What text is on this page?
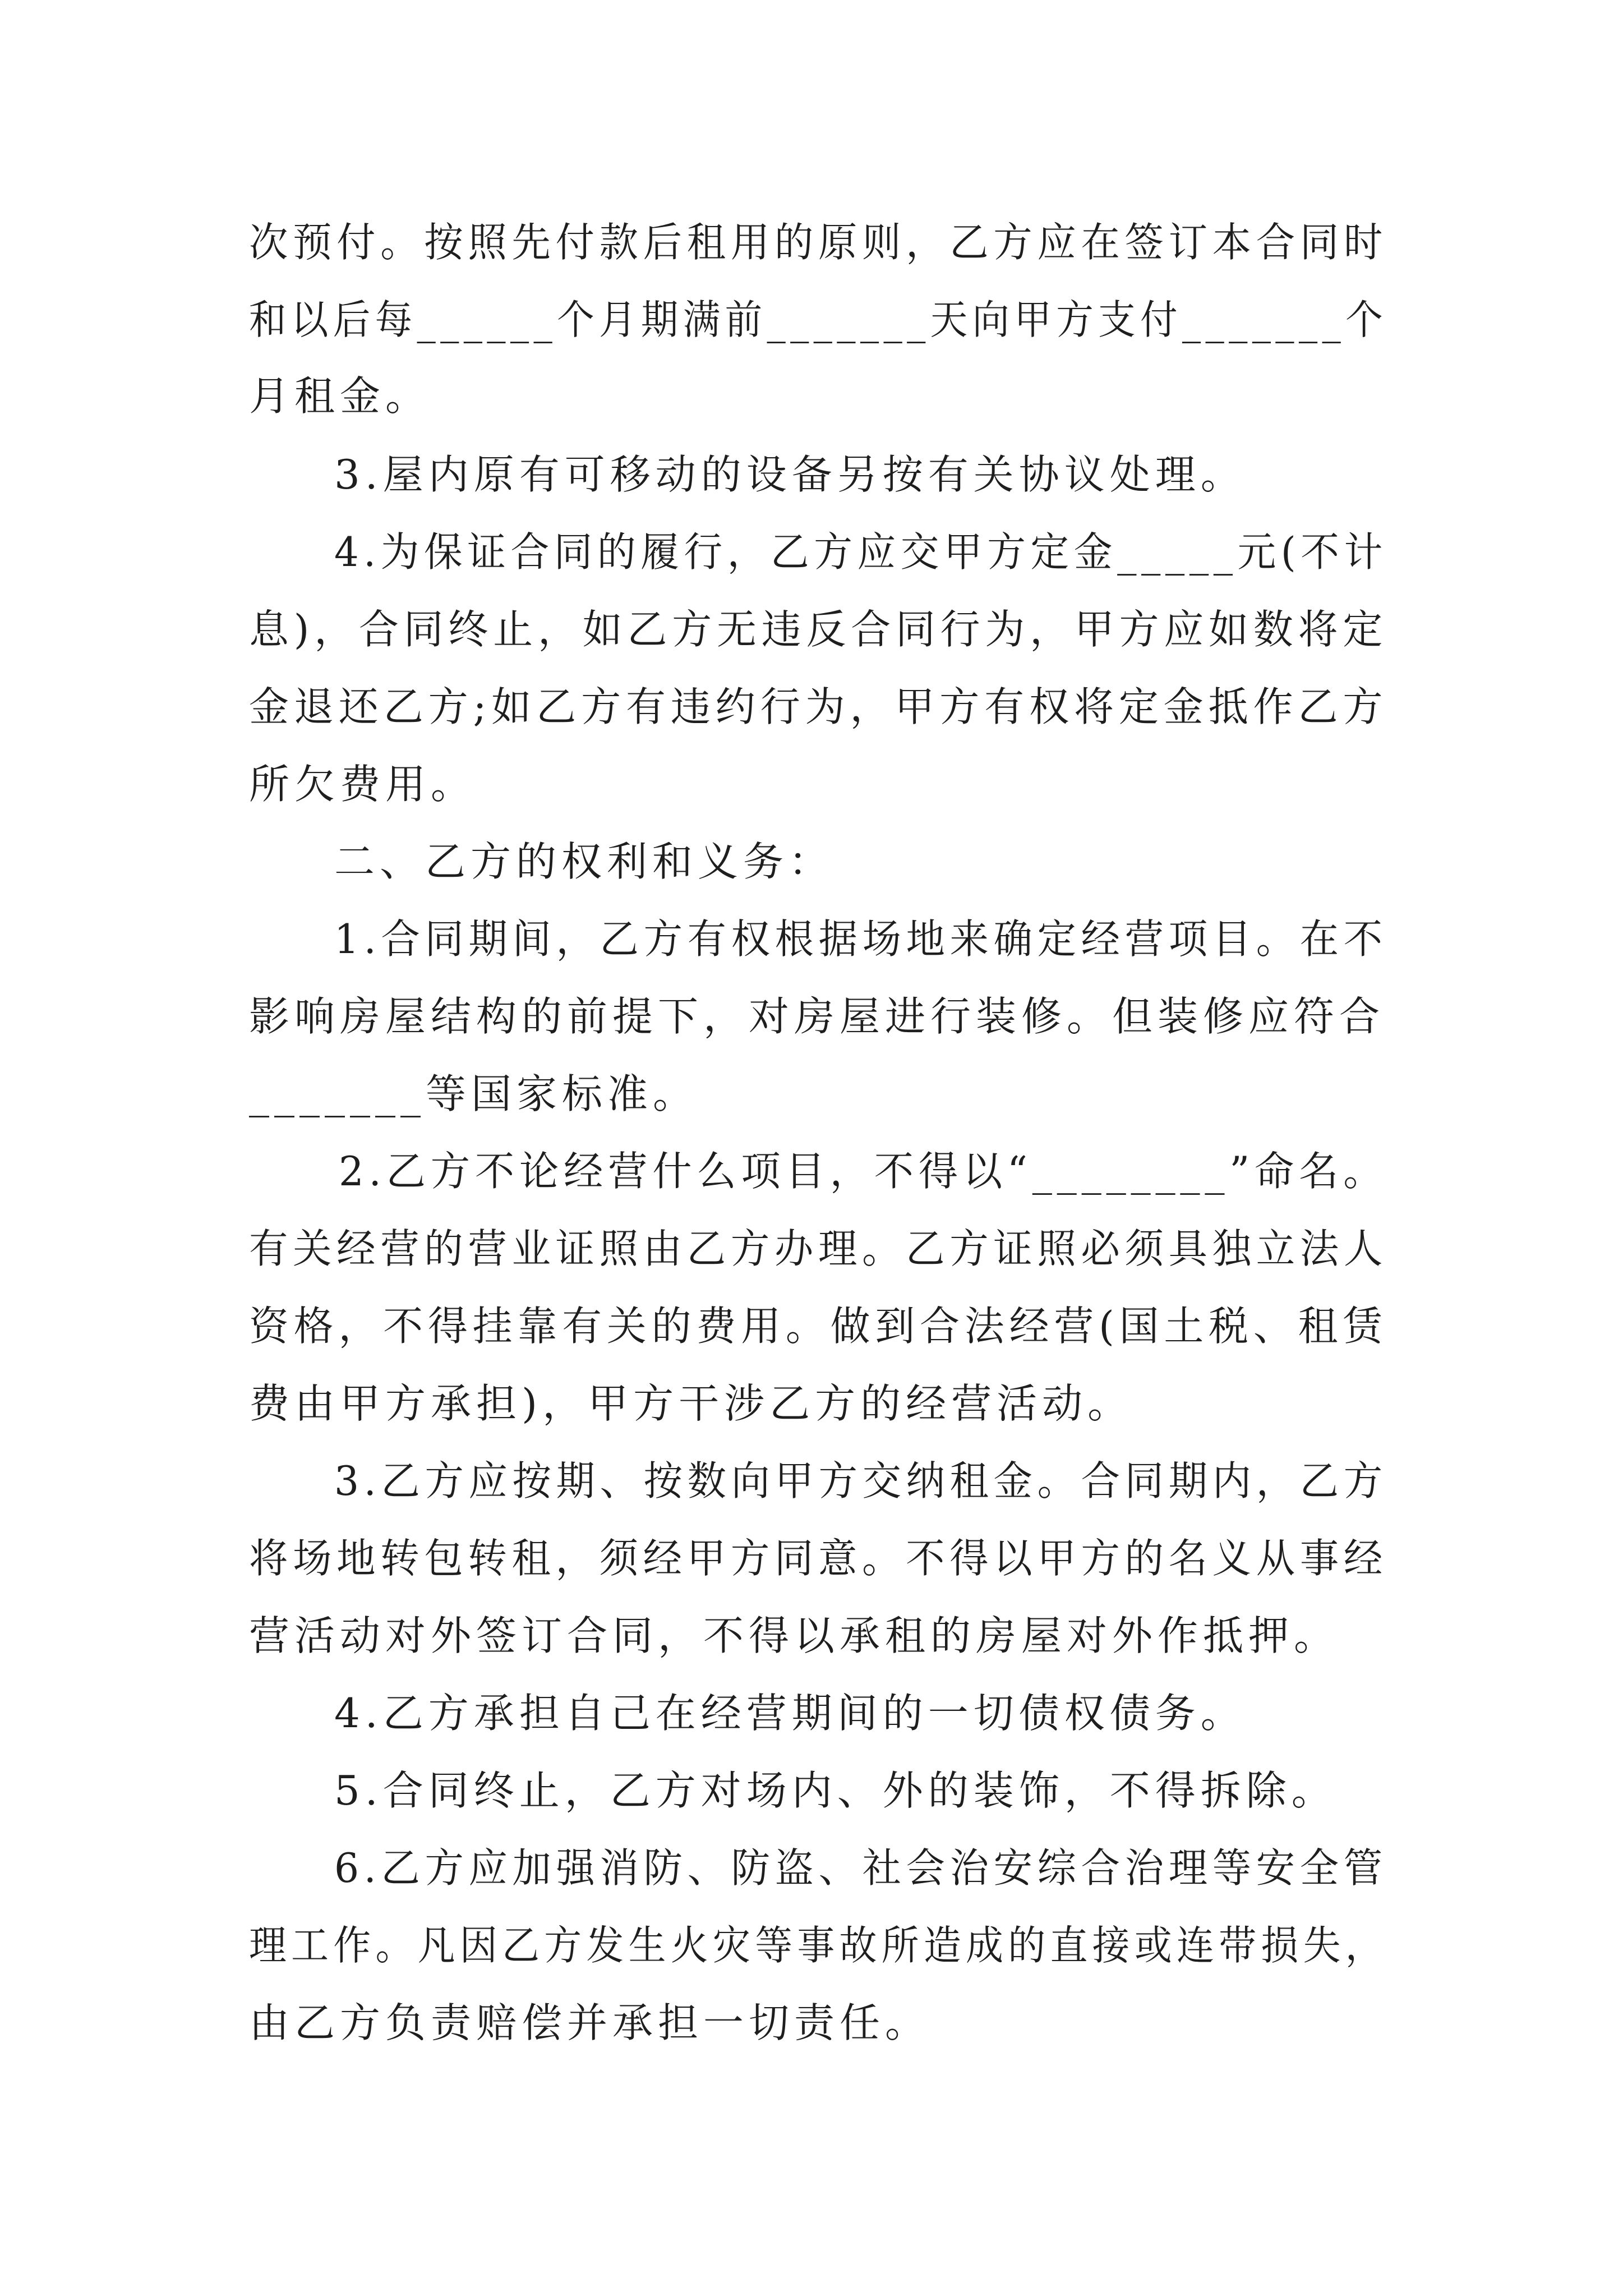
次预付。按照先付款后租用的原则，乙方应在签订本合同时
和以后每______个月期满前_______天向甲方支付_______个
月租金。
3.屋内原有可移动的设备另按有关协议处理。
4.为保证合同的履行，乙方应交甲方定金_____元(不计
息)，合同终止，如乙方无违反合同行为，甲方应如数将定
金退还乙方;如乙方有违约行为，甲方有权将定金抵作乙方
所欠费用。
二、乙方的权利和义务：
1.合同期间，乙方有权根据场地来确定经营项目。在不
影响房屋结构的前提下，对房屋进行装修。但装修应符合
_______等国家标准。
2.乙方不论经营什么项目，不得以“________”命名。
有关经营的营业证照由乙方办理。乙方证照必须具独立法人
资格，不得挂靠有关的费用。做到合法经营(国土税、租赁
费由甲方承担)，甲方干涉乙方的经营活动。
3.乙方应按期、按数向甲方交纳租金。合同期内，乙方
将场地转包转租，须经甲方同意。不得以甲方的名义从事经
营活动对外签订合同，不得以承租的房屋对外作抵押。
4.乙方承担自己在经营期间的一切债权债务。
5.合同终止，乙方对场内、外的装饰，不得拆除。
6.乙方应加强消防、防盗、社会治安综合治理等安全管
理工作。凡因乙方发生火灾等事故所造成的直接或连带损失，
由乙方负责赔偿并承担一切责任。
